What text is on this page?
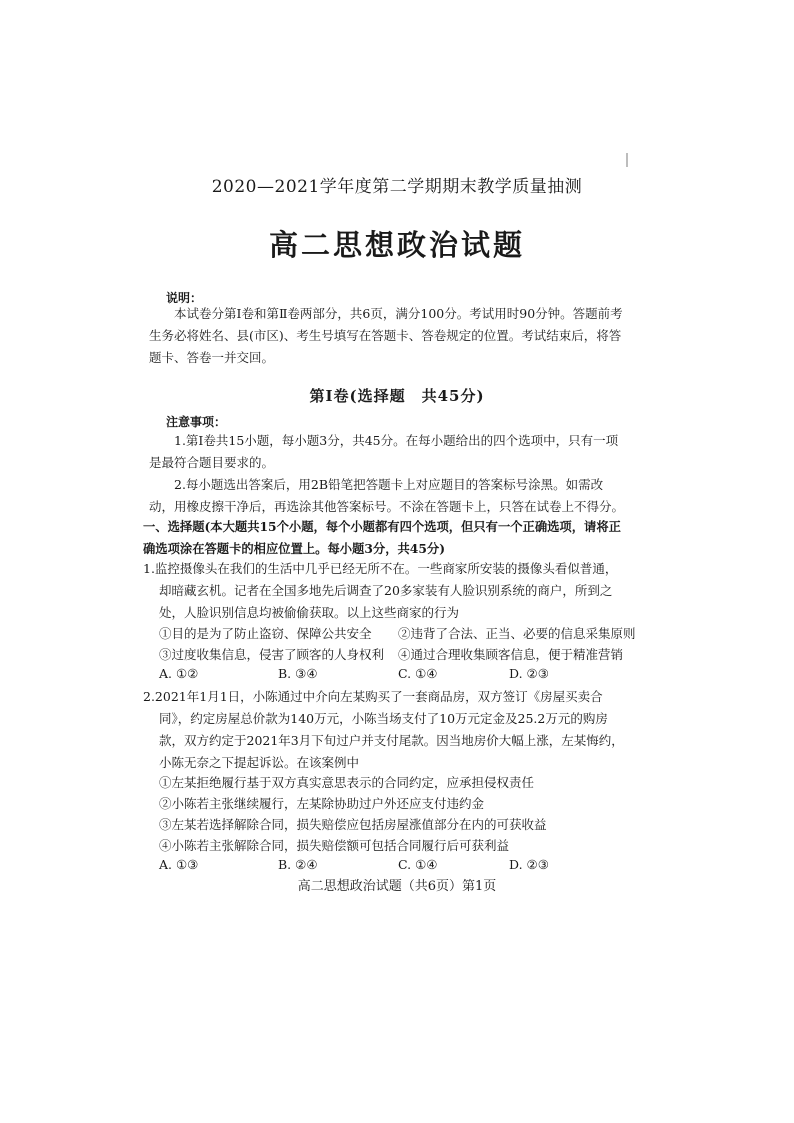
2020—2021学年度第二学期期末教学质量抽测
高二思想政治试题
说明：
本试卷分第Ⅰ卷和第Ⅱ卷两部分，共6页，满分100分。考试用时90分钟。答题前考生务必将姓名、县(市区)、考生号填写在答题卡、答卷规定的位置。考试结束后，将答题卡、答卷一并交回。
第Ⅰ卷(选择题　共45分)
注意事项：
1.第Ⅰ卷共15小题，每小题3分，共45分。在每小题给出的四个选项中，只有一项是最符合题目要求的。
2.每小题选出答案后，用2B铅笔把答题卡上对应题目的答案标号涂黑。如需改动，用橡皮擦干净后，再选涂其他答案标号。不涂在答题卡上，只答在试卷上不得分。
一、选择题(本大题共15个小题，每个小题都有四个选项，但只有一个正确选项，请将正确选项涂在答题卡的相应位置上。每小题3分，共45分)
1.监控摄像头在我们的生活中几乎已经无所不在。一些商家所安装的摄像头看似普通，却暗藏玄机。记者在全国多地先后调查了20多家装有人脸识别系统的商户，所到之处，人脸识别信息均被偷偷获取。以上这些商家的行为
①目的是为了防止盗窃、保障公共安全 ②违背了合法、正当、必要的信息采集原则
③过度收集信息，侵害了顾客的人身权利 ④通过合理收集顾客信息，便于精准营销
A. ①②	B. ③④	C. ①④	D. ②③
2.2021年1月1日，小陈通过中介向左某购买了一套商品房，双方签订《房屋买卖合同》，约定房屋总价款为140万元，小陈当场支付了10万元定金及25.2万元的购房款，双方约定于2021年3月下旬过户并支付尾款。因当地房价大幅上涨，左某悔约，小陈无奈之下提起诉讼。在该案例中
①左某拒绝履行基于双方真实意思表示的合同约定，应承担侵权责任
②小陈若主张继续履行，左某除协助过户外还应支付违约金
③左某若选择解除合同，损失赔偿应包括房屋涨值部分在内的可获收益
④小陈若主张解除合同，损失赔偿额可包括合同履行后可获利益
A. ①③	B. ②④	C. ①④	D. ②③
高二思想政治试题（共6页）第1页
